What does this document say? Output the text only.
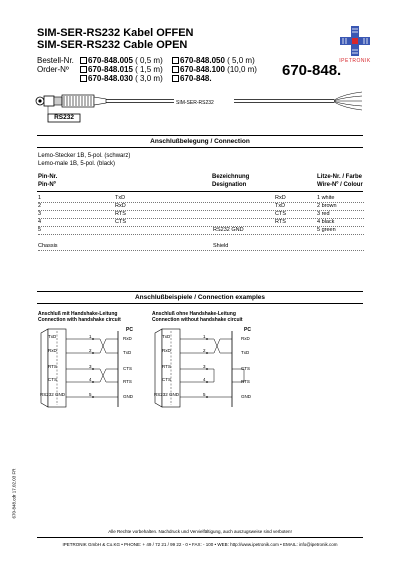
SIM-SER-RS232 Kabel OFFEN
SIM-SER-RS232 Cable OPEN
Bestell-Nr.
Order-Nº
670-848.005 ( 0,5 m)
670-848.015 ( 1,5 m)
670-848.030 ( 3,0 m)
670-848.050 ( 5,0 m)
670-848.100 (10,0 m)
670-848.	670-848.
IPETRONIK
SIM-SER-RS232
RS232
Anschlußbelegung / Connection
Lemo-Stecker 1B, 5-pol. (schwarz)
Lemo-male 1B, 5-pol. (black)
Pin-Nr.
Pin-Nº
Bezeichnung
Designation
Litze-Nr. / Farbe
Wire-Nº / Colour
1	TxD	RxD	1 white
2	RxD	TxD	2 brown
3	RTS	CTS	3 red
4	CTS	RTS	4 black
5	RS232 GND	5 green
Chassis	Shield
Anschlußbeispiele / Connection examples
Anschluß mit Handshake-Leitung
Connection with handshake circuit
Anschluß ohne Handshake-Leitung
Connection without handshake circuit
TxD
RxD
RTS
CTS
RS232 GND
1
2
3
4
5
PC
RxD
TxD
CTS
RTS
GND
TxD
RxD
RTS
CTS
RS232 GND
1
2
3
4
5
PC
RxD
TxD
CTS
RTS
GND
670-848.cdr 17.02.03 FR
Alle Rechte vorbehalten. Nachdruck und Vervielfältigung, auch auszugsweise sind verboten!
IPETRONIK GmbH & Co.KG • PHONE: + 49 / 72 21 / 99 22 - 0 • FAX: - 100 • WEB: http://www.ipetronik.com • EMAIL: info@ipetronik.com
